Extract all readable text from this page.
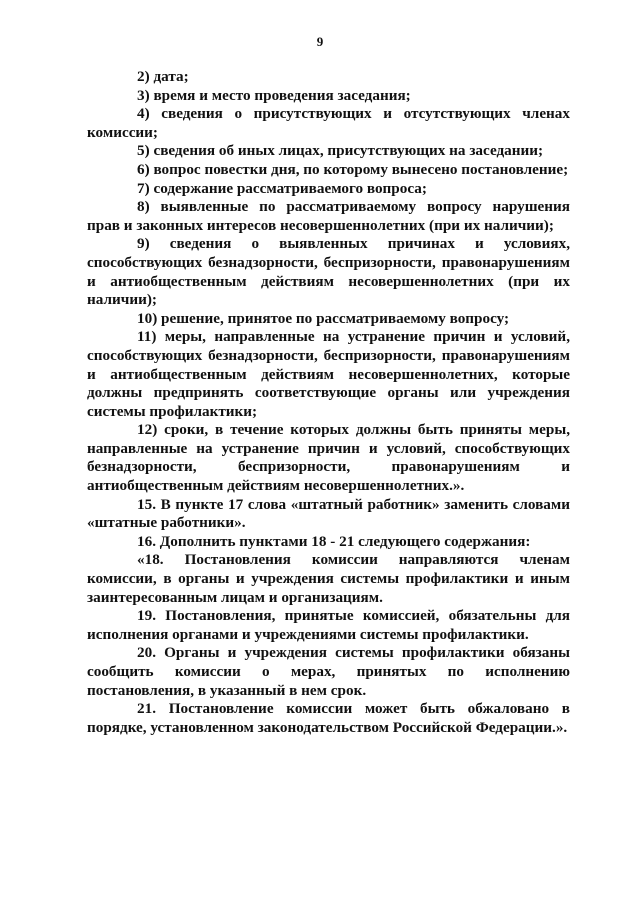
9

2) дата;

3) время и место проведения заседания;

4) сведения о присутствующих и отсутствующих членах комиссии;

5) сведения об иных лицах, присутствующих на заседании;

6) вопрос повестки дня, по которому вынесено постановление;

7) содержание рассматриваемого вопроса;

8) выявленные по рассматриваемому вопросу нарушения прав и законных интересов несовершеннолетних (при их наличии);

9) сведения о выявленных причинах и условиях, способствующих безнадзорности, беспризорности, правонарушениям и антиобщественным действиям несовершеннолетних (при их наличии);

10) решение, принятое по рассматриваемому вопросу;

11) меры, направленные на устранение причин и условий, способствующих безнадзорности, беспризорности, правонарушениям и антиобщественным действиям несовершеннолетних, которые должны предпринять соответствующие органы или учреждения системы профилактики;

12) сроки, в течение которых должны быть приняты меры, направленные на устранение причин и условий, способствующих безнадзорности, беспризорности, правонарушениям и антиобщественным действиям несовершеннолетних.».

15. В пункте 17 слова «штатный работник» заменить словами «штатные работники».

16. Дополнить пунктами 18 - 21 следующего содержания:

«18. Постановления комиссии направляются членам комиссии, в органы и учреждения системы профилактики и иным заинтересованным лицам и организациям.

19. Постановления, принятые комиссией, обязательны для исполнения органами и учреждениями системы профилактики.

20. Органы и учреждения системы профилактики обязаны сообщить комиссии о мерах, принятых по исполнению постановления, в указанный в нем срок.

21. Постановление комиссии может быть обжаловано в порядке, установленном законодательством Российской Федерации.».
